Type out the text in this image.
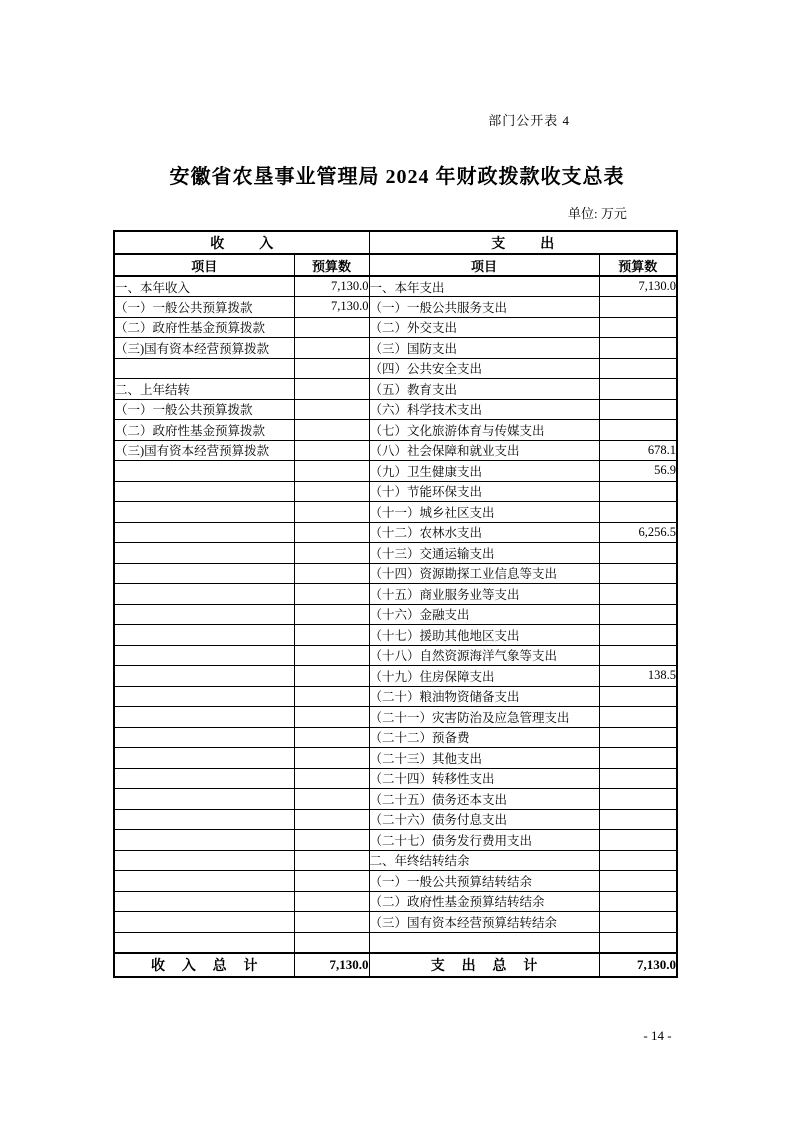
部门公开表 4
安徽省农垦事业管理局 2024 年财政拨款收支总表
单位: 万元
收入		支出	
项目	预算数	项目	预算数
一、本年收入	7,130.0	一、本年支出	7,130.0
（一）一般公共预算拨款	7,130.0	（一）一般公共服务支出	
（二）政府性基金预算拨款		（二）外交支出	
（三)国有资本经营预算拨款		（三）国防支出	
		（四）公共安全支出	
二、上年结转		（五）教育支出	
（一）一般公共预算拨款		（六）科学技术支出	
（二）政府性基金预算拨款		（七）文化旅游体育与传媒支出	
（三)国有资本经营预算拨款		（八）社会保障和就业支出	678.1
		（九）卫生健康支出	56.9
		（十）节能环保支出	
		（十一）城乡社区支出	
		（十二）农林水支出	6,256.5
		（十三）交通运输支出	
		（十四）资源勘探工业信息等支出	
		（十五）商业服务业等支出	
		（十六）金融支出	
		（十七）援助其他地区支出	
		（十八）自然资源海洋气象等支出	
		（十九）住房保障支出	138.5
		（二十）粮油物资储备支出	
		（二十一）灾害防治及应急管理支出	
		（二十二）预备费	
		（二十三）其他支出	
		（二十四）转移性支出	
		（二十五）债务还本支出	
		（二十六）债务付息支出	
		（二十七）债务发行费用支出	
		二、年终结转结余	
		（一）一般公共预算结转结余	
		（二）政府性基金预算结转结余	
		（三）国有资本经营预算结转结余	

收入总计	7,130.0	支出总计	7,130.0
- 14 -
